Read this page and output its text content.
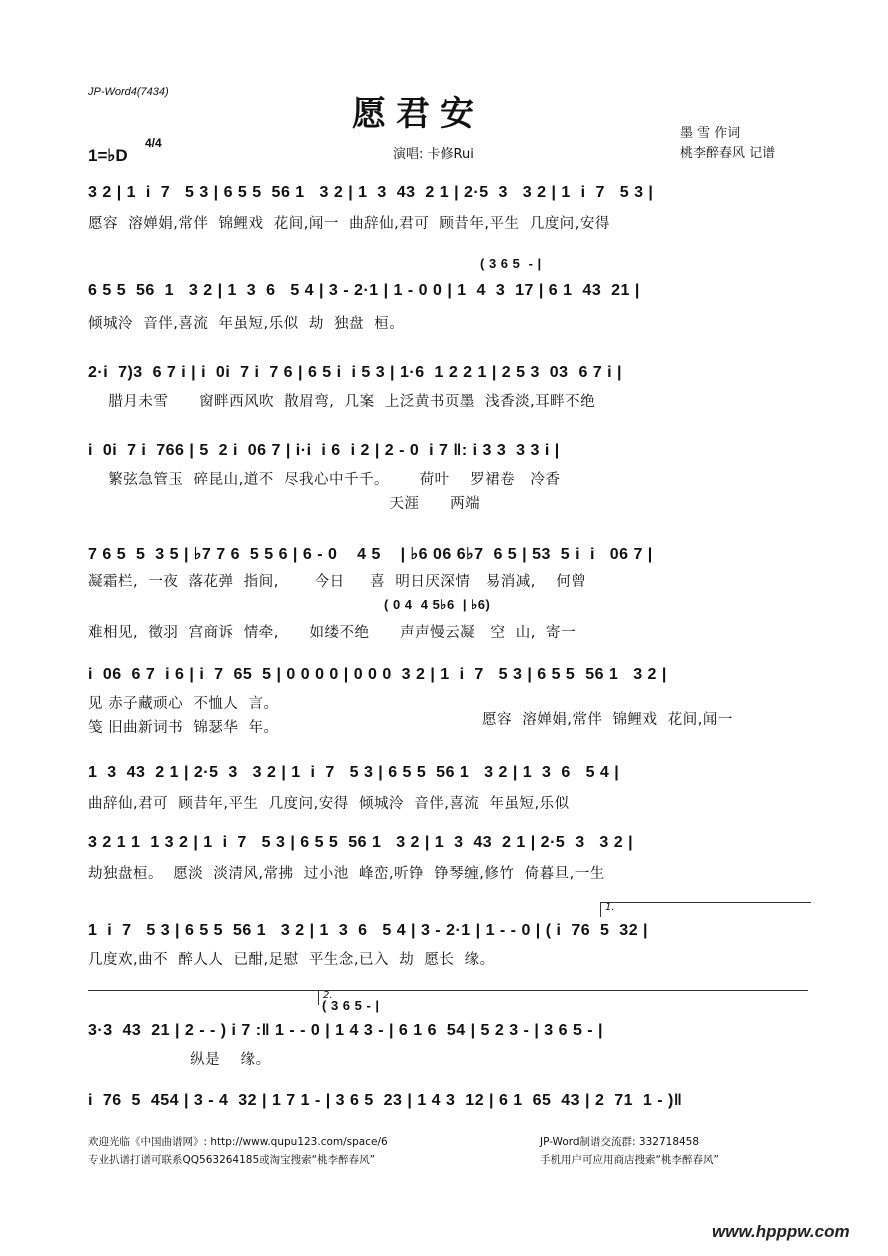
JP-Word4(7434)
愿君安	墨 雪 作词
桃李醉春风 记谱
演唱: 卡修Rui
1=♭D
4/4
3 2 | 1  i  7   5 3 | 6 5 5  56 1   3 2 | 1  3  43  2 1 | 2·5  3   3 2 | 1  i  7   5 3 |
愿容  溶婵娟,常伴  锦鲤戏  花间,闻一  曲辞仙,君可  顾昔年,平生  几度问,安得
( 3 6 5  - |
6 5 5  56  1   3 2 | 1  3  6   5 4 | 3 - 2·1 | 1 - 0 0 | 1  4  3  17 | 6 1  43  21 |
倾城泠  音伴,喜流  年虽短,乐似  劫  独盘  桓。
2·i  7)3  6 7 i | i  0i  7 i  7 6 | 6 5 i  i 5 3 | 1·6  1 2 2 1 | 2 5 3  03  6 7 i |
腊月未雪      窗畔西风吹  散眉弯,  几案  上泛黄书页墨  浅香淡,耳畔不绝
i  0i  7 i  766 | 5  2 i  06 7 | i·i  i 6  i 2 | 2 - 0  i 7 ‖: i 3 3  3 3 i |
繁弦急管玉  碎昆山,道不  尽我心中千千。      荷叶    罗裙卷   冷香
天涯      两端
7 6 5  5  3 5 | ♭7 7 6  5 5 6 | 6 - 0    4 5    | ♭6 06 6♭7  6 5 | 53  5 i  i   06 7 |
凝霜栏,  一夜  落花弹  指间,       今日     喜  明日厌深情   易消减,    何曾
( 0 4  4 5♭6  | ♭6)
难相见,  徵羽  宫商诉  情牵,      如缕不绝      声声慢云凝   空  山,  寄一
i  06  6 7  i 6 | i  7  65  5 | 0 0 0 0 | 0 0 0  3 2 | 1  i  7   5 3 | 6 5 5  56 1   3 2 |
见 赤子藏顽心  不恤人  言。
笺 旧曲新词书  锦瑟华  年。	愿容  溶婵娟,常伴  锦鲤戏  花间,闻一
1  3  43  2 1 | 2·5  3   3 2 | 1  i  7   5 3 | 6 5 5  56 1   3 2 | 1  3  6   5 4 |
曲辞仙,君可  顾昔年,平生  几度问,安得  倾城泠  音伴,喜流  年虽短,乐似
3 2 1 1  1 3 2 | 1  i  7   5 3 | 6 5 5  56 1   3 2 | 1  3  43  2 1 | 2·5  3   3 2 |
劫独盘桓。  愿淡  淡清风,常拂  过小池  峰峦,听铮  铮琴缠,修竹  倚暮旦,一生
1.
1  i  7   5 3 | 6 5 5  56 1   3 2 | 1  3  6   5 4 | 3 - 2·1 | 1 - - 0 | ( i  76  5  32 |
几度欢,曲不  醉人人  已酣,足慰  平生念,已入  劫  愿长  缘。
2.
( 3 6 5 - |
3·3  43  21 | 2 - - ) i 7 :‖ 1 - - 0 | 1 4 3 - | 6 1 6  54 | 5 2 3 - | 3 6 5 - |
纵是    缘。
i  76  5  454 | 3 - 4  32 | 1 7 1 - | 3 6 5  23 | 1 4 3  12 | 6 1  65  43 | 2  71  1 - )‖
欢迎光临《中国曲谱网》: http://www.qupu123.com/space/6	JP-Word制谱交流群: 332718458
专业扒谱打谱可联系QQ563264185或淘宝搜索“桃李醉春风”	手机用户可应用商店搜索“桃李醉春风”
www.hpppw.com
